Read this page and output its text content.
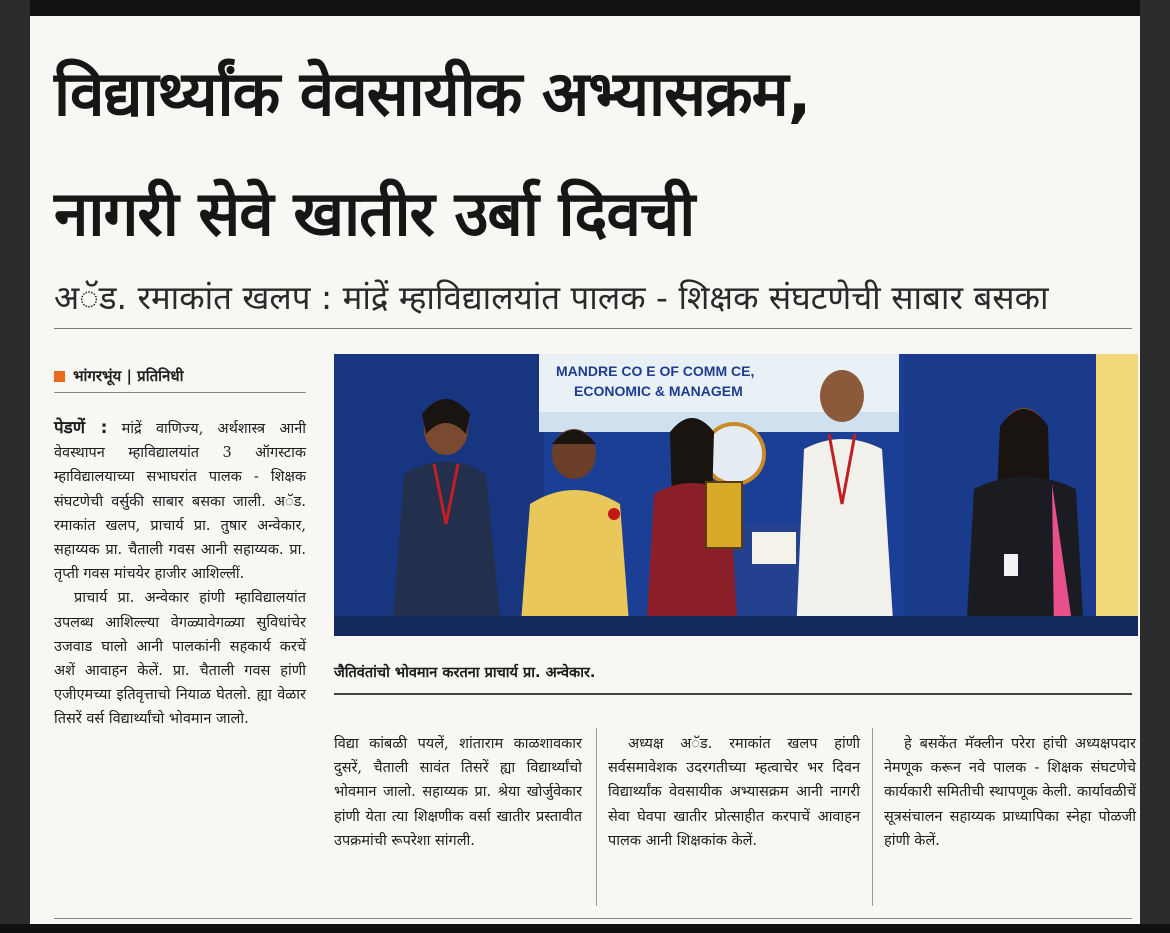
विद्यार्थ्यांक वेवसायीक अभ्यासक्रम,
नागरी सेवे खातीर उर्बा दिवची
अॅड. रमाकांत खलप : मांद्रें म्हाविद्यालयांत पालक - शिक्षक संघटणेची साबार बसका
भांगरभूंय | प्रतिनिधी

पेडणें : मांद्रें वाणिज्य, अर्थशास्त्र आनी वेवस्थापन म्हाविद्यालयांत 3 ऑगस्टाक म्हाविद्यालयाच्या सभाघरांत पालक - शिक्षक संघटणेची वर्सुकी साबार बसका जाली. अॅड. रमाकांत खलप, प्राचार्य प्रा. तुषार अन्वेकार, सहाय्यक प्रा. चैताली गवस आनी सहाय्यक. प्रा. तृप्ती गवस मांचयेर हाजीर आशिल्लीं.

प्राचार्य प्रा. अन्वेकार हांणी म्हाविद्यालयांत उपलब्ध आशिल्ल्या वेगळ्यावेगळ्या सुविधांचेर उजवाड घालो आनी पालकांनी सहकार्य करचें अशें आवाहन केलें. प्रा. चैताली गवस हांणी एजीएमच्या इतिवृत्ताचो नियाळ घेतलो. ह्या वेळार तिसरें वर्स विद्यार्थ्यांचो भोवमान जालो.

MANDRE CO E OF COMM CE,
ECONOMIC & MANAGEM
जैतिवंतांचो भोवमान करतना प्राचार्य प्रा. अन्वेकार.

विद्या कांबळी पयलें, शांताराम काळशावकार दुसरें, चैताली सावंत तिसरें ह्या विद्यार्थ्यांचो भोवमान जालो. सहाय्यक प्रा. श्रेया खोर्जुवेकार हांणी येता त्या शिक्षणीक वर्सा खातीर प्रस्तावीत उपक्रमांची रूपरेशा सांगली.

अध्यक्ष अॅड. रमाकांत खलप हांणी सर्वसमावेशक उदरगतीच्या म्हत्वाचेर भर दिवन विद्यार्थ्यांक वेवसायीक अभ्यासक्रम आनी नागरी सेवा घेवपा खातीर प्रोत्साहीत करपाचें आवाहन पालक आनी शिक्षकांक केलें.

हे बसकेंत मॅक्लीन परेरा हांची अध्यक्षपदार नेमणूक करून नवे पालक - शिक्षक संघटणेचे कार्यकारी समितीची स्थापणूक केली. कार्यावळीचें सूत्रसंचालन सहाय्यक प्राध्यापिका स्नेहा पोळजी हांणी केलें.
